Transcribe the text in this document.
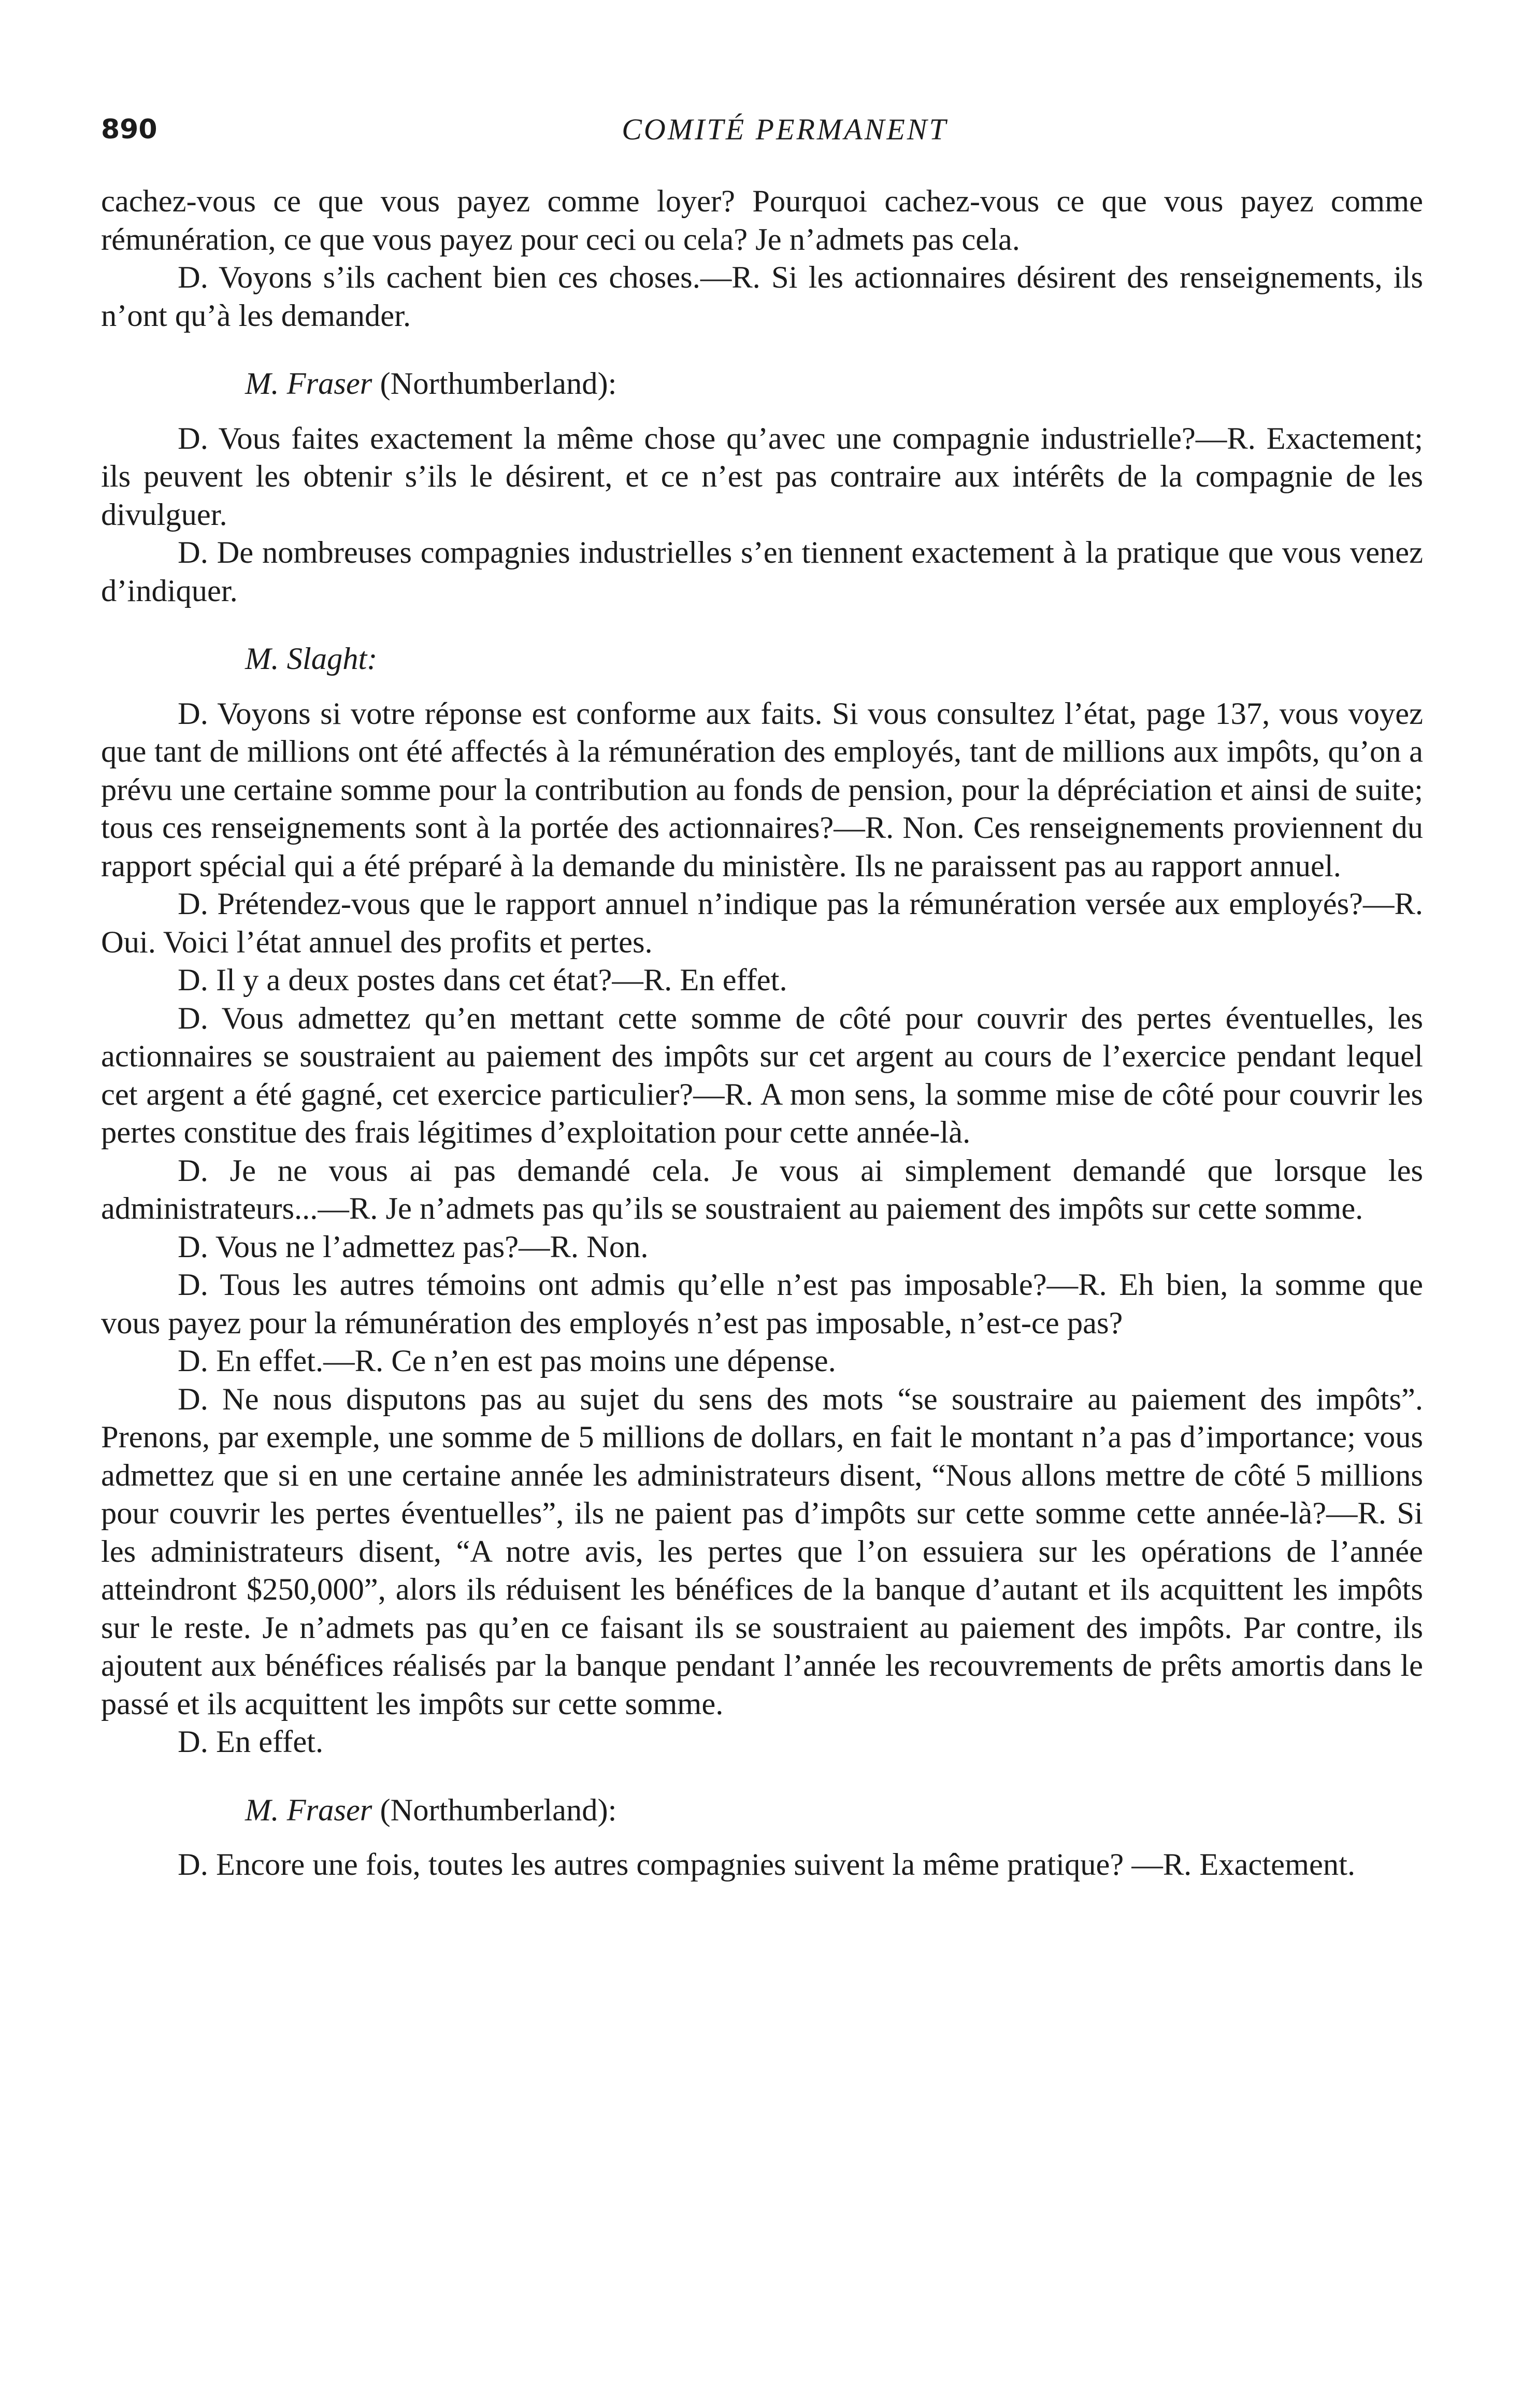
890	COMITÉ PERMANENT

cachez-vous ce que vous payez comme loyer? Pourquoi cachez-vous ce que vous payez comme rémunération, ce que vous payez pour ceci ou cela? Je n’admets pas cela.

D. Voyons s’ils cachent bien ces choses.—R. Si les actionnaires désirent des renseignements, ils n’ont qu’à les demander.

M. Fraser (Northumberland):

D. Vous faites exactement la même chose qu’avec une compagnie industrielle?—R. Exactement; ils peuvent les obtenir s’ils le désirent, et ce n’est pas contraire aux intérêts de la compagnie de les divulguer.

D. De nombreuses compagnies industrielles s’en tiennent exactement à la pratique que vous venez d’indiquer.

M. Slaght:

D. Voyons si votre réponse est conforme aux faits. Si vous consultez l’état, page 137, vous voyez que tant de millions ont été affectés à la rémunération des employés, tant de millions aux impôts, qu’on a prévu une certaine somme pour la contribution au fonds de pension, pour la dépréciation et ainsi de suite; tous ces renseignements sont à la portée des actionnaires?—R. Non. Ces renseignements proviennent du rapport spécial qui a été préparé à la demande du ministère. Ils ne paraissent pas au rapport annuel.

D. Prétendez-vous que le rapport annuel n’indique pas la rémunération versée aux employés?—R. Oui. Voici l’état annuel des profits et pertes.

D. Il y a deux postes dans cet état?—R. En effet.

D. Vous admettez qu’en mettant cette somme de côté pour couvrir des pertes éventuelles, les actionnaires se soustraient au paiement des impôts sur cet argent au cours de l’exercice pendant lequel cet argent a été gagné, cet exercice particulier?—R. A mon sens, la somme mise de côté pour couvrir les pertes constitue des frais légitimes d’exploitation pour cette année-là.

D. Je ne vous ai pas demandé cela. Je vous ai simplement demandé que lorsque les administrateurs...—R. Je n’admets pas qu’ils se soustraient au paiement des impôts sur cette somme.

D. Vous ne l’admettez pas?—R. Non.

D. Tous les autres témoins ont admis qu’elle n’est pas imposable?—R. Eh bien, la somme que vous payez pour la rémunération des employés n’est pas imposable, n’est-ce pas?

D. En effet.—R. Ce n’en est pas moins une dépense.

D. Ne nous disputons pas au sujet du sens des mots “se soustraire au paiement des impôts”. Prenons, par exemple, une somme de 5 millions de dollars, en fait le montant n’a pas d’importance; vous admettez que si en une certaine année les administrateurs disent, “Nous allons mettre de côté 5 millions pour couvrir les pertes éventuelles”, ils ne paient pas d’impôts sur cette somme cette année-là?—R. Si les administrateurs disent, “A notre avis, les pertes que l’on essuiera sur les opérations de l’année atteindront $250,000”, alors ils réduisent les bénéfices de la banque d’autant et ils acquittent les impôts sur le reste. Je n’admets pas qu’en ce faisant ils se soustraient au paiement des impôts. Par contre, ils ajoutent aux bénéfices réalisés par la banque pendant l’année les recouvrements de prêts amortis dans le passé et ils acquittent les impôts sur cette somme.

D. En effet.

M. Fraser (Northumberland):

D. Encore une fois, toutes les autres compagnies suivent la même pratique? —R. Exactement.
